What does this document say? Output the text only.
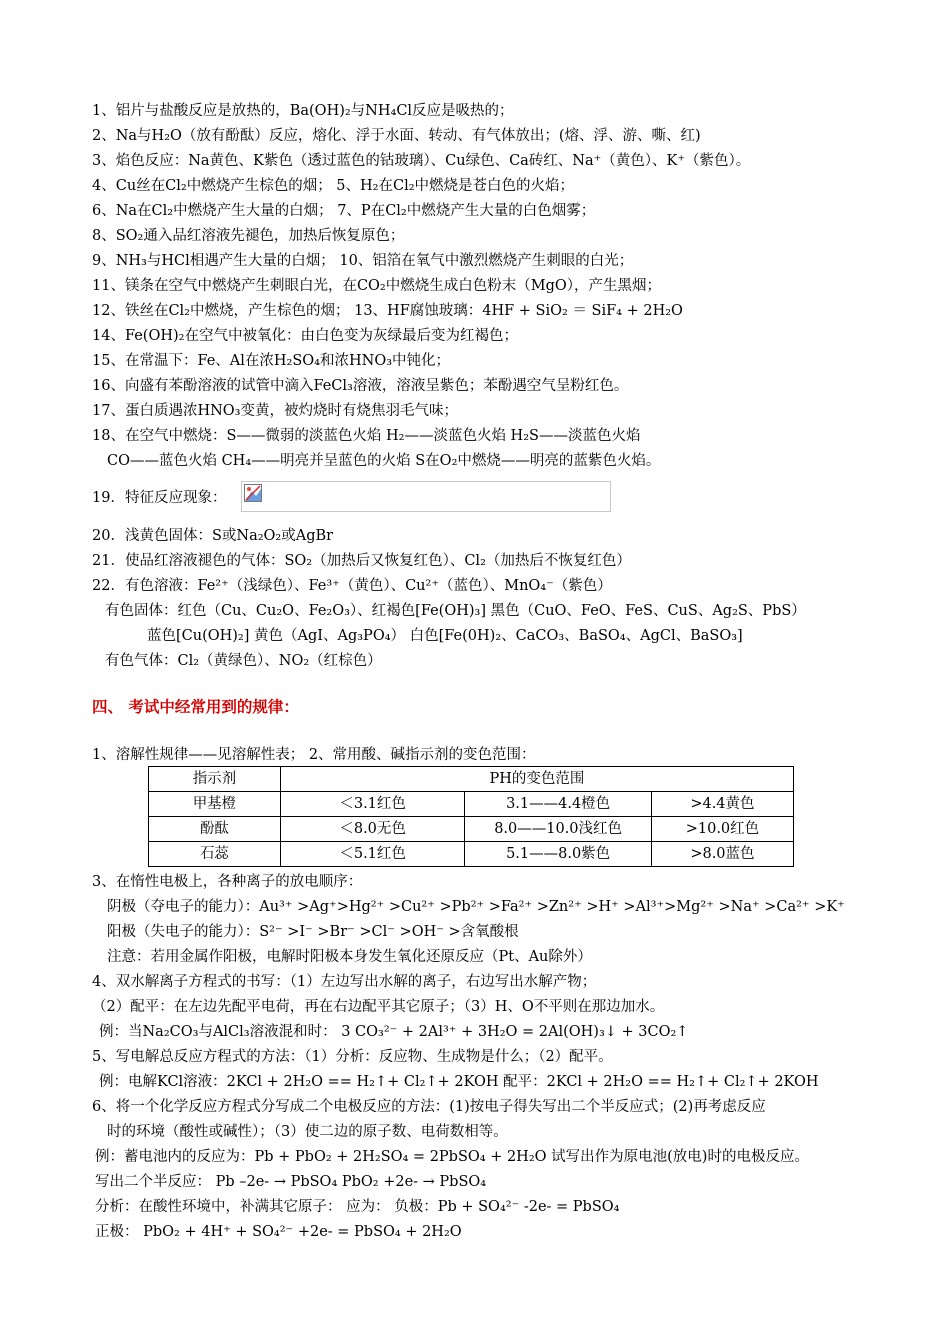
1、铝片与盐酸反应是放热的，Ba(OH)₂与NH₄Cl反应是吸热的；
2、Na与H₂O（放有酚酞）反应，熔化、浮于水面、转动、有气体放出；(熔、浮、游、嘶、红)
3、焰色反应：Na黄色、K紫色（透过蓝色的钴玻璃）、Cu绿色、Ca砖红、Na⁺（黄色）、K⁺（紫色）。
4、Cu丝在Cl₂中燃烧产生棕色的烟； 5、H₂在Cl₂中燃烧是苍白色的火焰；
6、Na在Cl₂中燃烧产生大量的白烟； 7、P在Cl₂中燃烧产生大量的白色烟雾；
8、SO₂通入品红溶液先褪色，加热后恢复原色；
9、NH₃与HCl相遇产生大量的白烟； 10、铝箔在氧气中激烈燃烧产生刺眼的白光；
11、镁条在空气中燃烧产生刺眼白光，在CO₂中燃烧生成白色粉末（MgO），产生黑烟；
12、铁丝在Cl₂中燃烧，产生棕色的烟； 13、HF腐蚀玻璃：4HF + SiO₂ ＝ SiF₄ + 2H₂O
14、Fe(OH)₂在空气中被氧化：由白色变为灰绿最后变为红褐色；
15、在常温下：Fe、Al在浓H₂SO₄和浓HNO₃中钝化；
16、向盛有苯酚溶液的试管中滴入FeCl₃溶液，溶液呈紫色；苯酚遇空气呈粉红色。
17、蛋白质遇浓HNO₃变黄，被灼烧时有烧焦羽毛气味；
18、在空气中燃烧：S——微弱的淡蓝色火焰 H₂——淡蓝色火焰 H₂S——淡蓝色火焰
CO——蓝色火焰 CH₄——明亮并呈蓝色的火焰 S在O₂中燃烧——明亮的蓝紫色火焰。
19．特征反应现象：
20．浅黄色固体：S或Na₂O₂或AgBr
21．使品红溶液褪色的气体：SO₂（加热后又恢复红色）、Cl₂（加热后不恢复红色）
22．有色溶液：Fe²⁺（浅绿色）、Fe³⁺（黄色）、Cu²⁺（蓝色）、MnO₄⁻（紫色）
有色固体：红色（Cu、Cu₂O、Fe₂O₃）、红褐色[Fe(OH)₃] 黑色（CuO、FeO、FeS、CuS、Ag₂S、PbS）
蓝色[Cu(OH)₂] 黄色（AgI、Ag₃PO₄） 白色[Fe(0H)₂、CaCO₃、BaSO₄、AgCl、BaSO₃]
有色气体：Cl₂（黄绿色）、NO₂（红棕色）
四、 考试中经常用到的规律：
1、溶解性规律——见溶解性表； 2、常用酸、碱指示剂的变色范围：
指示剂	PH的变色范围		
甲基橙	＜3.1红色	3.1——4.4橙色	>4.4黄色
酚酞	＜8.0无色	8.0——10.0浅红色	>10.0红色
石蕊	＜5.1红色	5.1——8.0紫色	>8.0蓝色
3、在惰性电极上，各种离子的放电顺序：
阴极（夺电子的能力）：Au³⁺ >Ag⁺>Hg²⁺ >Cu²⁺ >Pb²⁺ >Fa²⁺ >Zn²⁺ >H⁺ >Al³⁺>Mg²⁺ >Na⁺ >Ca²⁺ >K⁺
阳极（失电子的能力）：S²⁻ >I⁻ >Br⁻ >Cl⁻ >OH⁻ >含氧酸根
注意：若用金属作阳极，电解时阳极本身发生氧化还原反应（Pt、Au除外）
4、双水解离子方程式的书写：（1）左边写出水解的离子，右边写出水解产物；
（2）配平：在左边先配平电荷，再在右边配平其它原子；（3）H、O不平则在那边加水。
例：当Na₂CO₃与AlCl₃溶液混和时： 3 CO₃²⁻ + 2Al³⁺ + 3H₂O = 2Al(OH)₃↓ + 3CO₂↑
5、写电解总反应方程式的方法：（1）分析：反应物、生成物是什么；（2）配平。
例：电解KCl溶液：2KCl + 2H₂O == H₂↑+ Cl₂↑+ 2KOH 配平：2KCl + 2H₂O == H₂↑+ Cl₂↑+ 2KOH
6、将一个化学反应方程式分写成二个电极反应的方法：(1)按电子得失写出二个半反应式；(2)再考虑反应
时的环境（酸性或碱性）；（3）使二边的原子数、电荷数相等。
例：蓄电池内的反应为：Pb + PbO₂ + 2H₂SO₄ = 2PbSO₄ + 2H₂O 试写出作为原电池(放电)时的电极反应。
写出二个半反应： Pb –2e- → PbSO₄ PbO₂ +2e- → PbSO₄
分析：在酸性环境中，补满其它原子： 应为： 负极：Pb + SO₄²⁻ -2e- = PbSO₄
正极： PbO₂ + 4H⁺ + SO₄²⁻ +2e- = PbSO₄ + 2H₂O
